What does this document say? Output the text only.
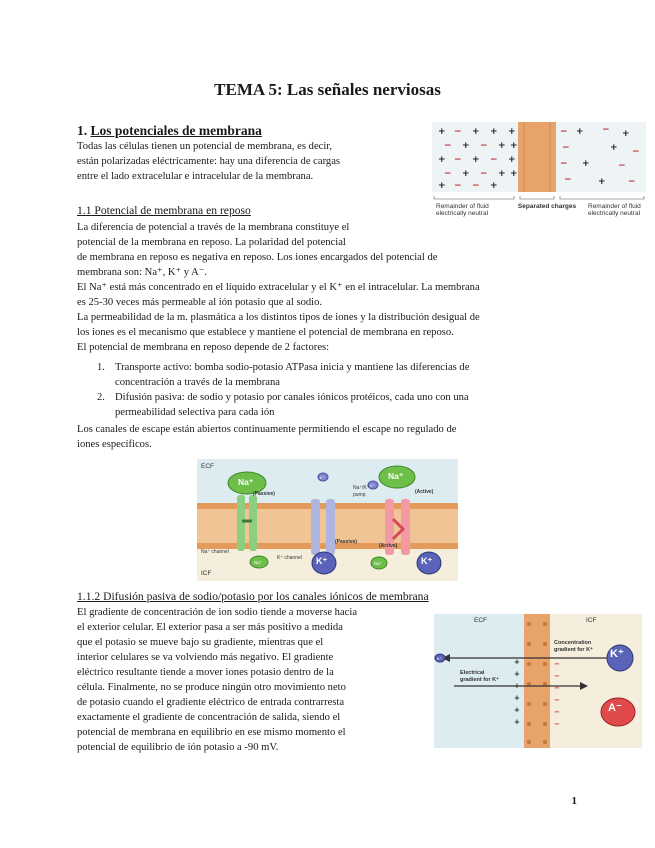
TEMA 5: Las señales nerviosas
1. Los potenciales de membrana
Todas las células tienen un potencial de membrana, es decir,
están polarizadas eléctricamente: hay una diferencia de cargas
entre el lado extracelular e intracelular de la membrana.
+ − + + +
− + − + +
+ − + − +
− + − + +
+ − − +
− + − +
−	+ −
− +	−
−	+ −
Remainder of fluid electrically neutral
Separated charges	Remainder of fluid electrically neutral
1.1 Potencial de membrana en reposo
La diferencia de potencial a través de la membrana constituye el
potencial de la membrana en reposo. La polaridad del potencial
de membrana en reposo es negativa en reposo. Los iones encargados del potencial de
membrana son: Na⁺, K⁺ y A⁻.
El Na⁺ está más concentrado en el líquido extracelular y el K⁺ en el intracelular. La membrana
es 25-30 veces más permeable al ión potasio que al sodio.
La permeabilidad de la m. plasmática a los distintos tipos de iones y la distribución desigual de
los iones es el mecanismo que establece y mantiene el potencial de membrana en reposo.
El potencial de membrana en reposo depende de 2 factores:
1. Transporte activo: bomba sodio-potasio ATPasa inicia y mantiene las diferencias de
concentración a través de la membrana
2. Difusión pasiva: de sodio y potasio por canales iónicos protéicos, cada uno con una
permeabilidad selectiva para cada ión
Los canales de escape están abiertos continuamente permitiendo el escape no regulado de
iones específicos.
ECF
ICF
Na⁺
Na⁺
K⁺
K⁺
(Passive)
(Passive)
(Active)
(Active)
Na⁺/K⁺ pump
Na⁺ channel
K⁺ channel
Na⁺	Na⁺
K⁺	K⁺
1.1.2 Difusión pasiva de sodio/potasio por los canales iónicos de membrana
El gradiente de concentración de ion sodio tiende a moverse hacia
el exterior celular. El exterior pasa a ser más positivo a medida
que el potasio se mueve bajo su gradiente, mientras que el
interior celulares se va volviendo más negativo. El gradiente
eléctrico resultante tiende a mover iones potasio dentro de la
célula. Finalmente, no se produce ningún otro movimiento neto
de potasio cuando el gradiente eléctrico de entrada contrarresta
exactamente el gradiente de concentración de salida, siendo el
potencial de membrana en equilibrio en ese mismo momento el
potencial de equilibrio de ión potasio a -90 mV.
+
+
+
+
+
+
−
−
−
−
−
−
ECF	ICF
K⁺
Concentration gradient for K⁺
Electrical gradient for K⁺
K⁺
A⁻
1
